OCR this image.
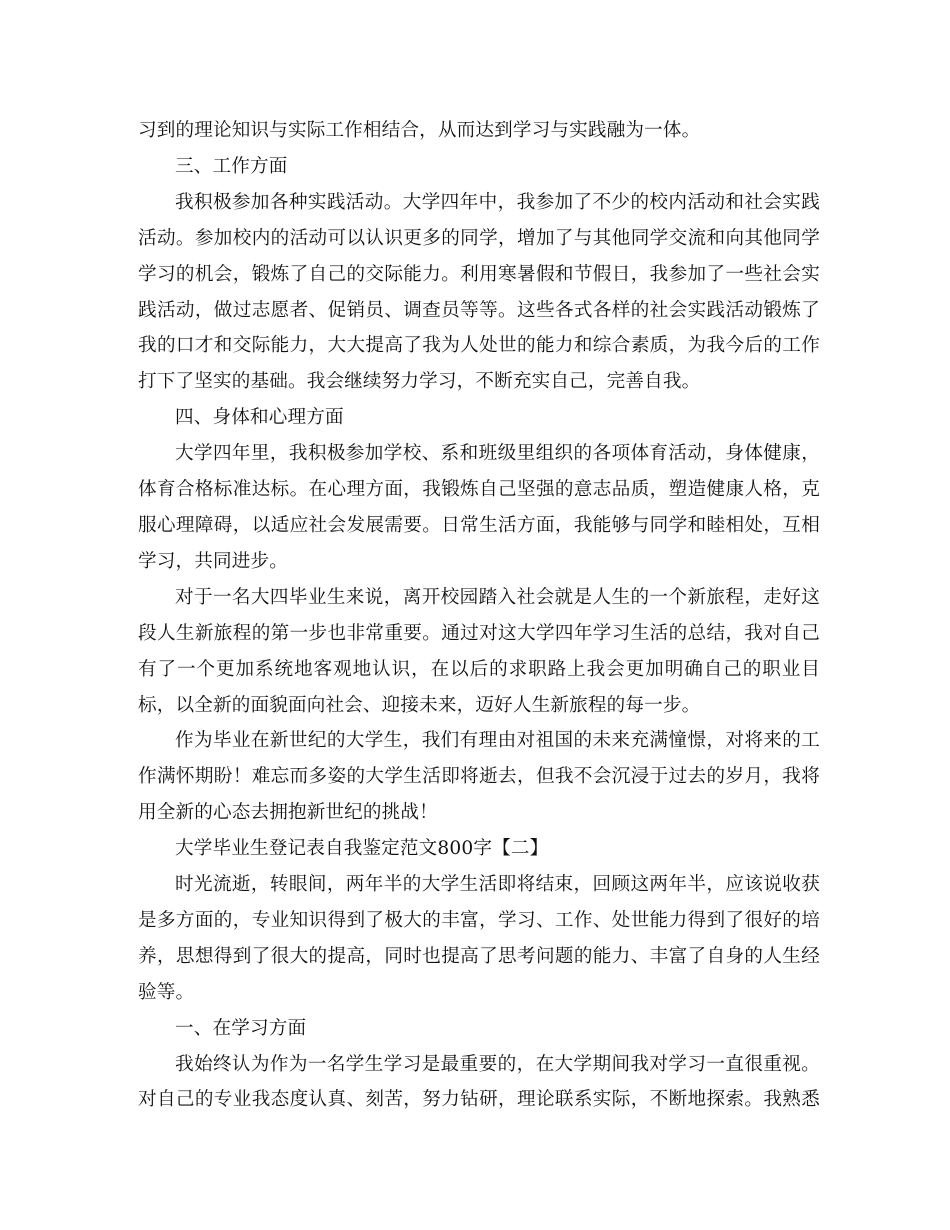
习到的理论知识与实际工作相结合，从而达到学习与实践融为一体。

三、工作方面

我积极参加各种实践活动。大学四年中，我参加了不少的校内活动和社会实践活动。参加校内的活动可以认识更多的同学，增加了与其他同学交流和向其他同学学习的机会，锻炼了自己的交际能力。利用寒暑假和节假日，我参加了一些社会实践活动，做过志愿者、促销员、调查员等等。这些各式各样的社会实践活动锻炼了我的口才和交际能力，大大提高了我为人处世的能力和综合素质，为我今后的工作打下了坚实的基础。我会继续努力学习，不断充实自己，完善自我。

四、身体和心理方面

大学四年里，我积极参加学校、系和班级里组织的各项体育活动，身体健康，体育合格标准达标。在心理方面，我锻炼自己坚强的意志品质，塑造健康人格，克服心理障碍，以适应社会发展需要。日常生活方面，我能够与同学和睦相处，互相学习，共同进步。

对于一名大四毕业生来说，离开校园踏入社会就是人生的一个新旅程，走好这段人生新旅程的第一步也非常重要。通过对这大学四年学习生活的总结，我对自己有了一个更加系统地客观地认识，在以后的求职路上我会更加明确自己的职业目标，以全新的面貌面向社会、迎接未来，迈好人生新旅程的每一步。

作为毕业在新世纪的大学生，我们有理由对祖国的未来充满憧憬，对将来的工作满怀期盼！难忘而多姿的大学生活即将逝去，但我不会沉浸于过去的岁月，我将用全新的心态去拥抱新世纪的挑战！

大学毕业生登记表自我鉴定范文800字【二】

时光流逝，转眼间，两年半的大学生活即将结束，回顾这两年半，应该说收获是多方面的，专业知识得到了极大的丰富，学习、工作、处世能力得到了很好的培养，思想得到了很大的提高，同时也提高了思考问题的能力、丰富了自身的人生经验等。

一、在学习方面

我始终认为作为一名学生学习是最重要的，在大学期间我对学习一直很重视。对自己的专业我态度认真、刻苦，努力钻研，理论联系实际，不断地探索。我熟悉
